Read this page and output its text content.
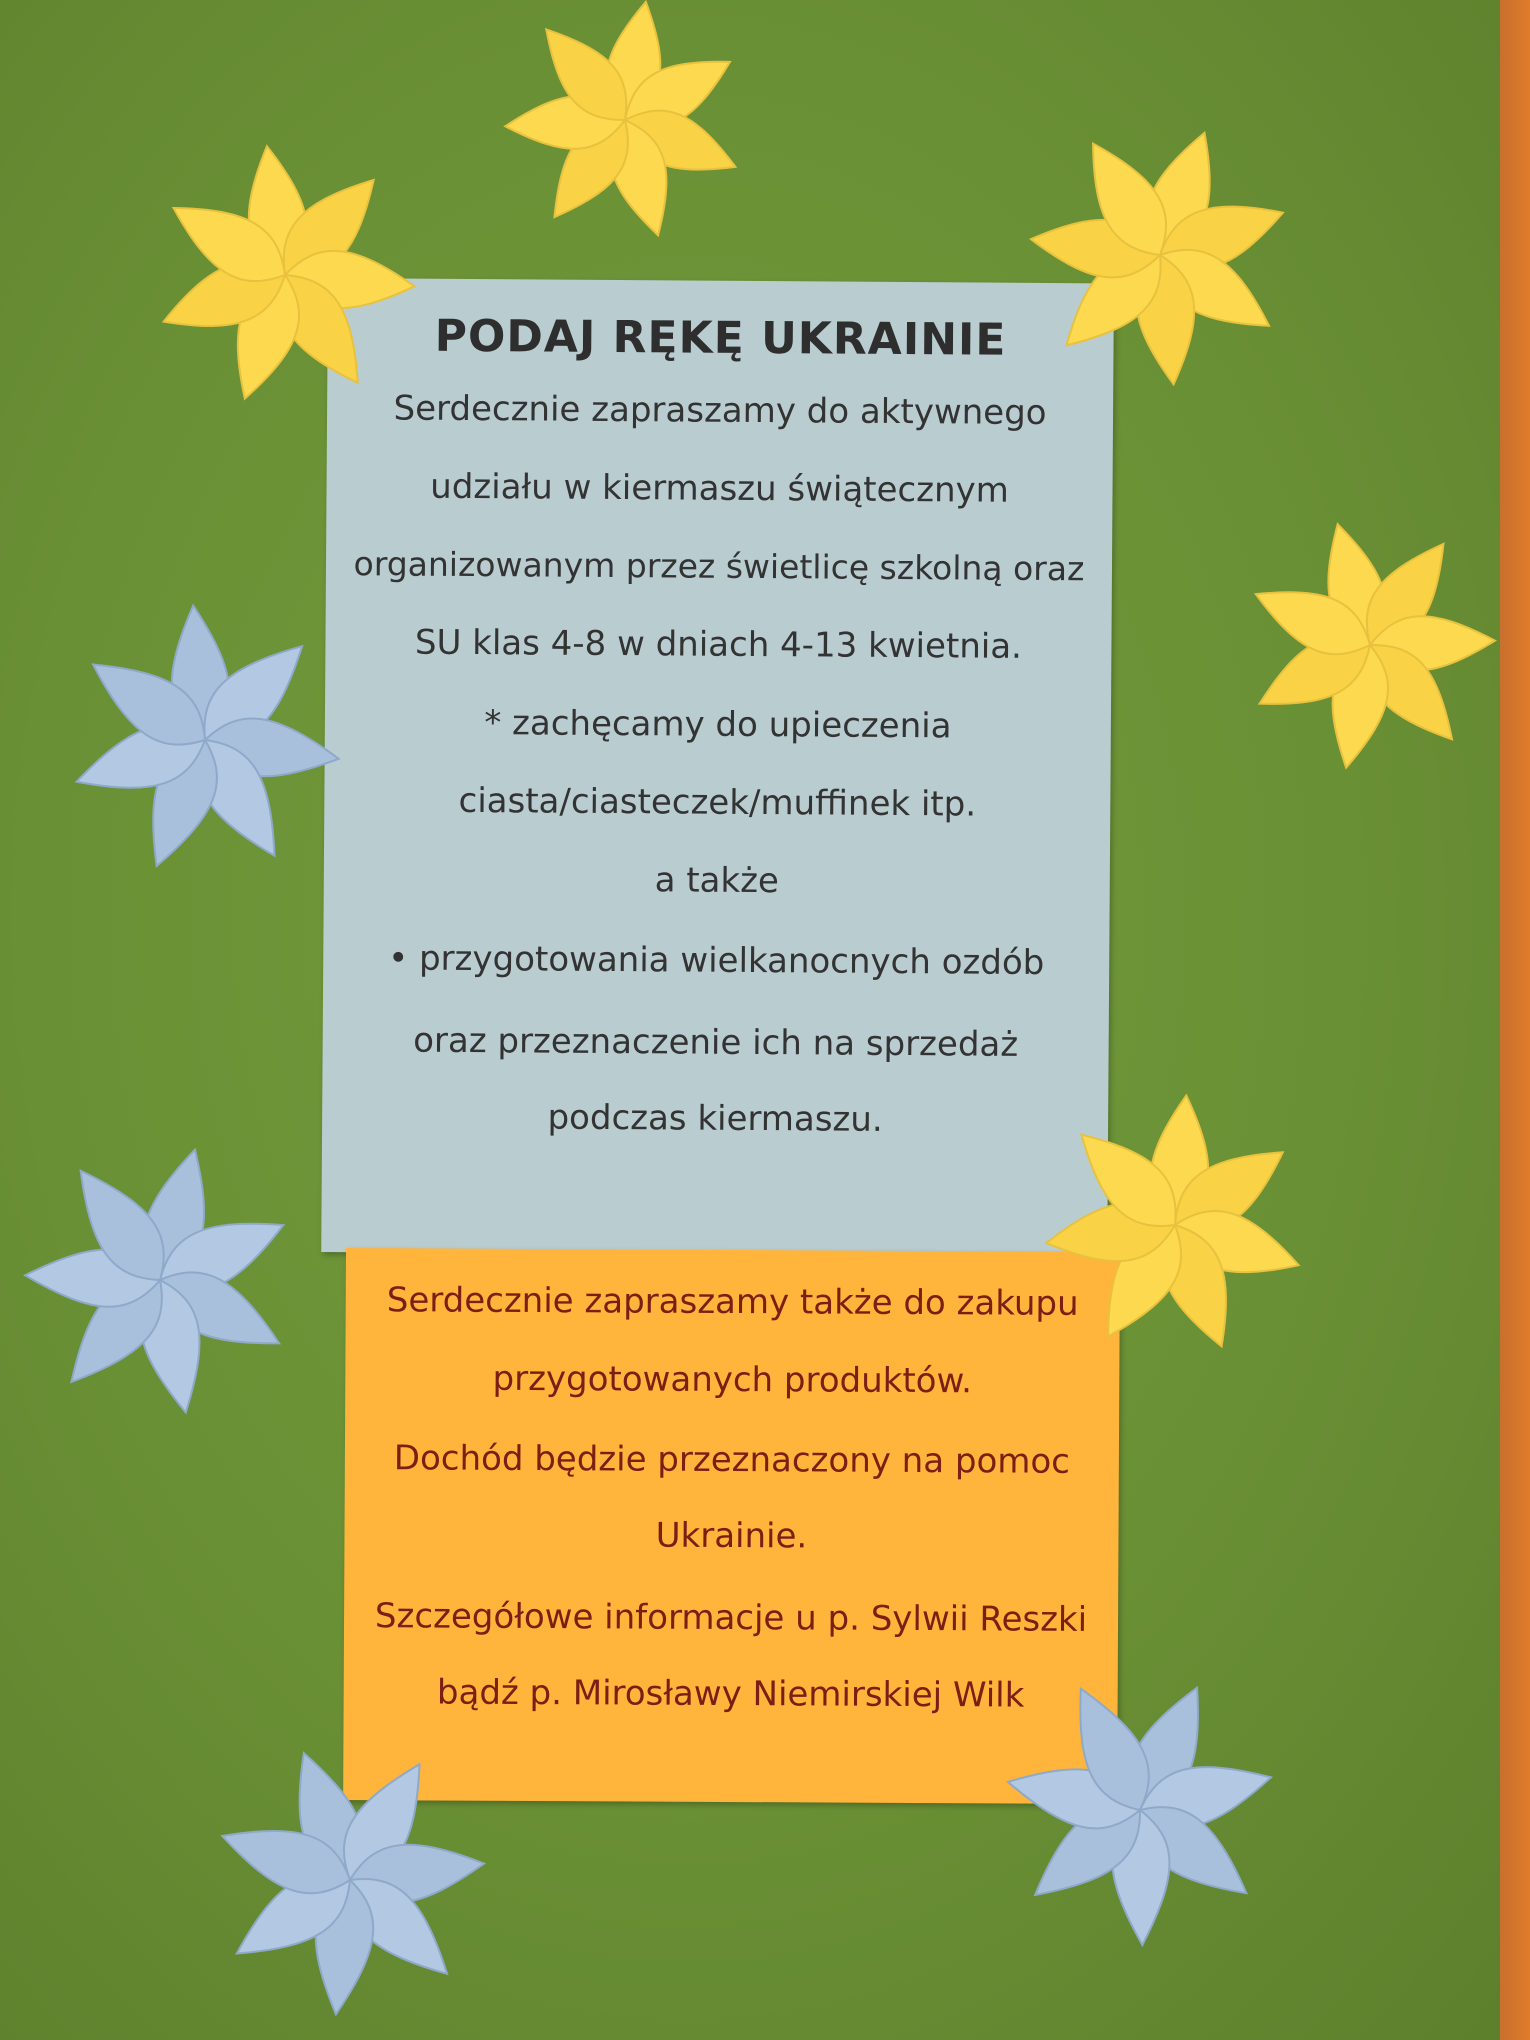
PODAJ RĘKĘ UKRAINIE

Serdecznie zapraszamy do aktywnego

udziału w kiermaszu świątecznym

organizowanym przez świetlicę szkolną oraz

SU klas 4-8 w dniach 4-13 kwietnia.

* zachęcamy do upieczenia

ciasta/ciasteczek/muffinek itp.

a także

• przygotowania wielkanocnych ozdób

oraz przeznaczenie ich na sprzedaż

podczas kiermaszu.

Serdecznie zapraszamy także do zakupu

przygotowanych produktów.

Dochód będzie przeznaczony na pomoc

Ukrainie.

Szczegółowe informacje u p. Sylwii Reszki

bądź p. Mirosławy Niemirskiej Wilk
